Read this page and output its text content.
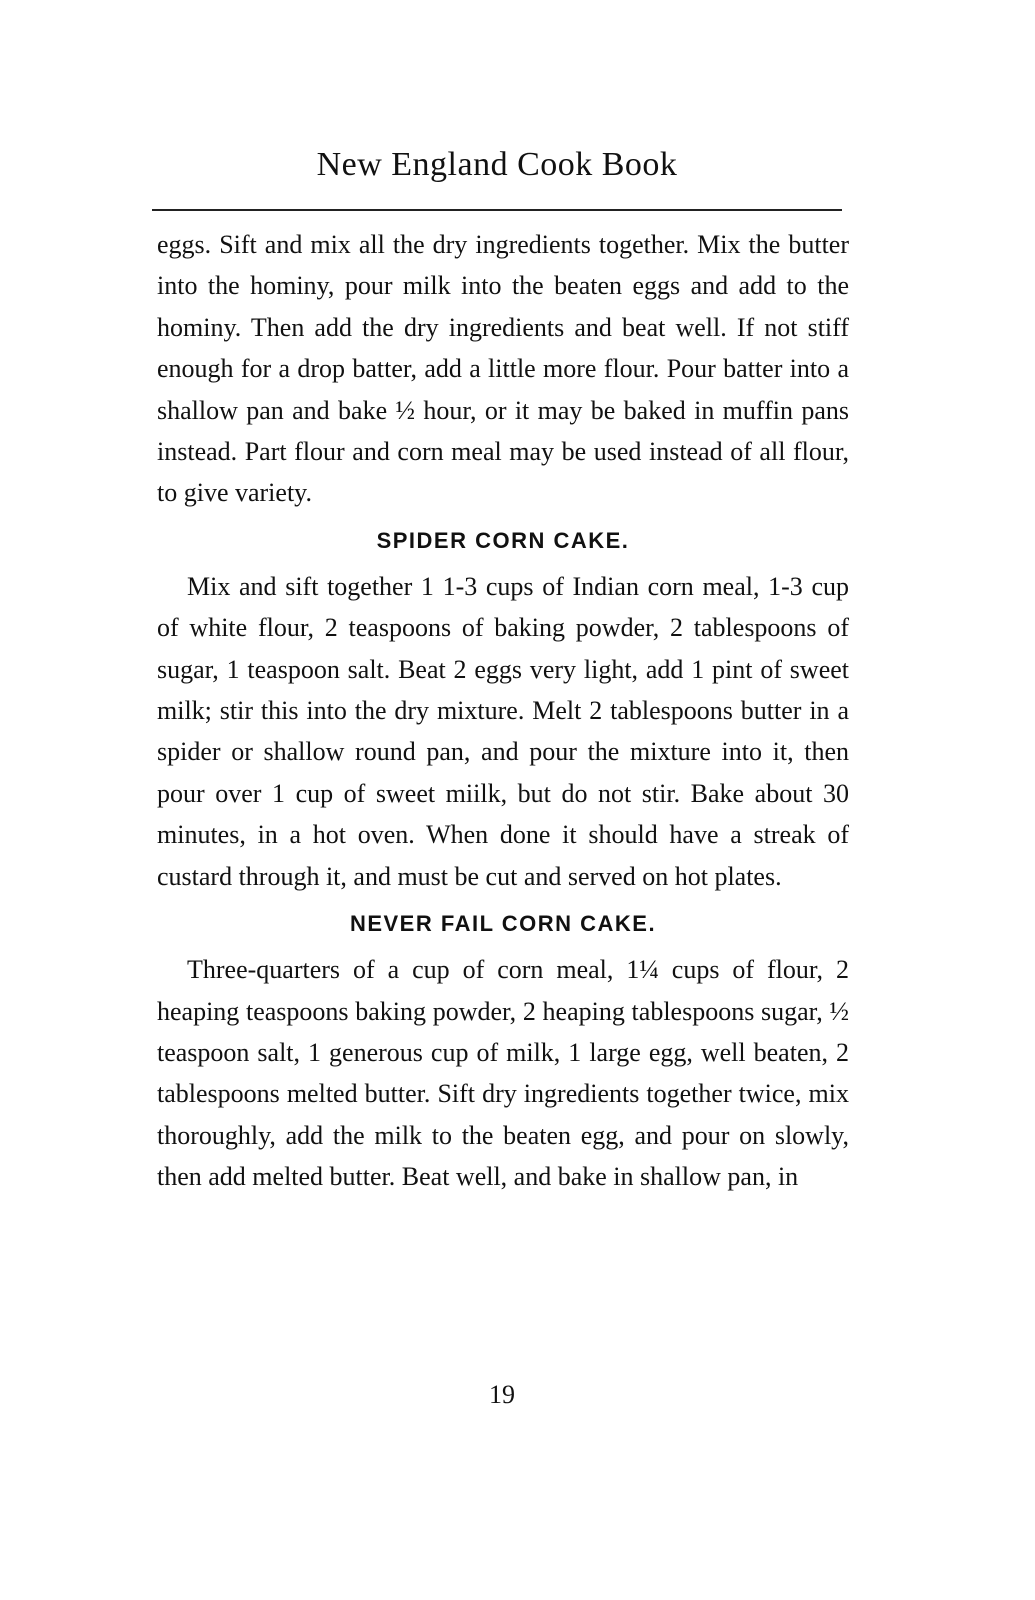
New England Cook Book

eggs. Sift and mix all the dry ingredients together. Mix the butter into the hominy, pour milk into the beaten eggs and add to the hominy. Then add the dry ingredients and beat well. If not stiff enough for a drop batter, add a little more flour. Pour batter into a shallow pan and bake ½ hour, or it may be baked in muffin pans instead. Part flour and corn meal may be used instead of all flour, to give variety.

SPIDER CORN CAKE.

Mix and sift together 1 1-3 cups of Indian corn meal, 1-3 cup of white flour, 2 teaspoons of baking powder, 2 tablespoons of sugar, 1 teaspoon salt. Beat 2 eggs very light, add 1 pint of sweet milk; stir this into the dry mixture. Melt 2 tablespoons butter in a spider or shallow round pan, and pour the mixture into it, then pour over 1 cup of sweet miilk, but do not stir. Bake about 30 minutes, in a hot oven. When done it should have a streak of custard through it, and must be cut and served on hot plates.

NEVER FAIL CORN CAKE.

Three-quarters of a cup of corn meal, 1¼ cups of flour, 2 heaping teaspoons baking powder, 2 heaping tablespoons sugar, ½ teaspoon salt, 1 generous cup of milk, 1 large egg, well beaten, 2 tablespoons melted butter. Sift dry ingredients together twice, mix thoroughly, add the milk to the beaten egg, and pour on slowly, then add melted butter. Beat well, and bake in shallow pan, in

19
